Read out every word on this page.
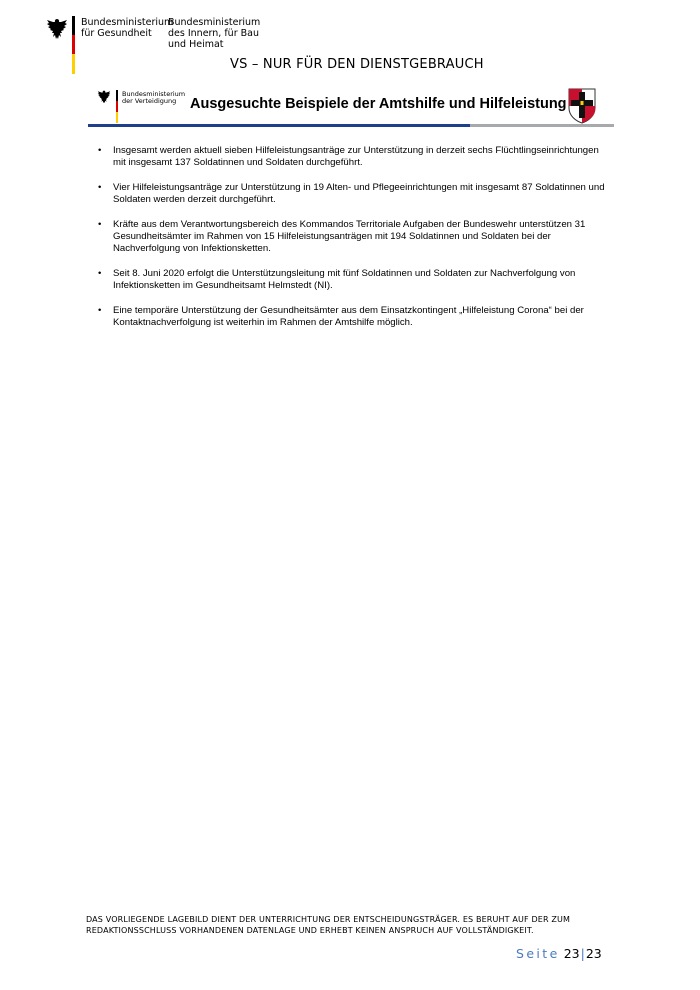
Bundesministerium
für Gesundheit
Bundesministerium
des Innern, für Bau
und Heimat
VS – NUR FÜR DEN DIENSTGEBRAUCH
Bundesministerium
der Verteidigung Ausgesuchte Beispiele der Amtshilfe und Hilfeleistung
• Insgesamt werden aktuell sieben Hilfeleistungsanträge zur Unterstützung in derzeit sechs Flüchtlingseinrichtungen mit insgesamt 137 Soldatinnen und Soldaten durchgeführt.
• Vier Hilfeleistungsanträge zur Unterstützung in 19 Alten- und Pflegeeinrichtungen mit insgesamt 87 Soldatinnen und Soldaten werden derzeit durchgeführt.
• Kräfte aus dem Verantwortungsbereich des Kommandos Territoriale Aufgaben der Bundeswehr unterstützen 31 Gesundheitsämter im Rahmen von 15 Hilfeleistungsanträgen mit 194 Soldatinnen und Soldaten bei der Nachverfolgung von Infektionsketten.
• Seit 8. Juni 2020 erfolgt die Unterstützungsleitung mit fünf Soldatinnen und Soldaten zur Nachverfolgung von Infektionsketten im Gesundheitsamt Helmstedt (NI).
• Eine temporäre Unterstützung der Gesundheitsämter aus dem Einsatzkontingent „Hilfeleistung Corona“ bei der Kontaktnachverfolgung ist weiterhin im Rahmen der Amtshilfe möglich.
DAS VORLIEGENDE LAGEBILD DIENT DER UNTERRICHTUNG DER ENTSCHEIDUNGSTRÄGER. ES BERUHT AUF DER ZUM REDAKTIONSSCHLUSS VORHANDENEN DATENLAGE UND ERHEBT KEINEN ANSPRUCH AUF VOLLSTÄNDIGKEIT.
Seite 23|23
